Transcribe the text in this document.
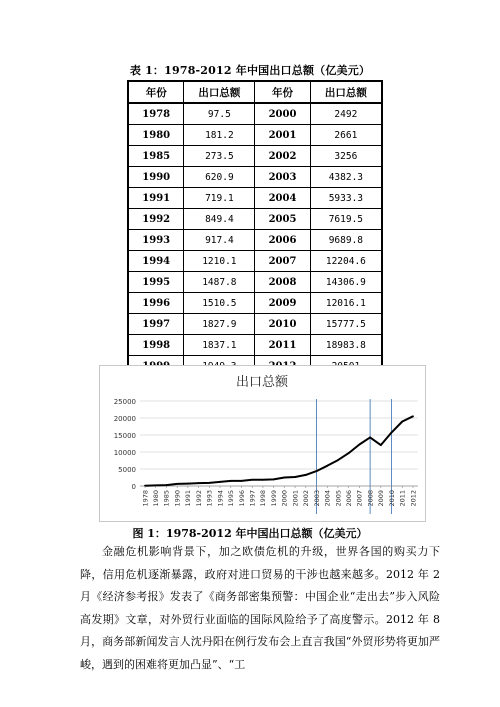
表 1：1978-2012 年中国出口总额（亿美元）
年份	出口总额	年份	出口总额
1978	97.5	2000	2492
1980	181.2	2001	2661
1985	273.5	2002	3256
1990	620.9	2003	4382.3
1991	719.1	2004	5933.3
1992	849.4	2005	7619.5
1993	917.4	2006	9689.8
1994	1210.1	2007	12204.6
1995	1487.8	2008	14306.9
1996	1510.5	2009	12016.1
1997	1827.9	2010	15777.5
1998	1837.1	2011	18983.8

出口总额
0
5000
10000
15000
20000
25000
1978 1980 1985 1990 1991 1992 1993 1994 1995 1996 1997 1998 1999 2000 2001 2002 2003 2004 2005 2006 2007 2008 2009 2010 2011 2012
图 1：1978-2012 年中国出口总额（亿美元）

金融危机影响背景下，加之欧债危机的升级，世界各国的购买力下降，信用危机逐渐暴露，政府对进口贸易的干涉也越来越多。2012 年 2 月《经济参考报》发表了《商务部密集预警：中国企业“走出去”步入风险高发期》文章，对外贸行业面临的国际风险给予了高度警示。2012 年 8 月，商务部新闻发言人沈丹阳在例行发布会上直言我国“外贸形势将更加严峻，遇到的困难将更加凸显”、“工
